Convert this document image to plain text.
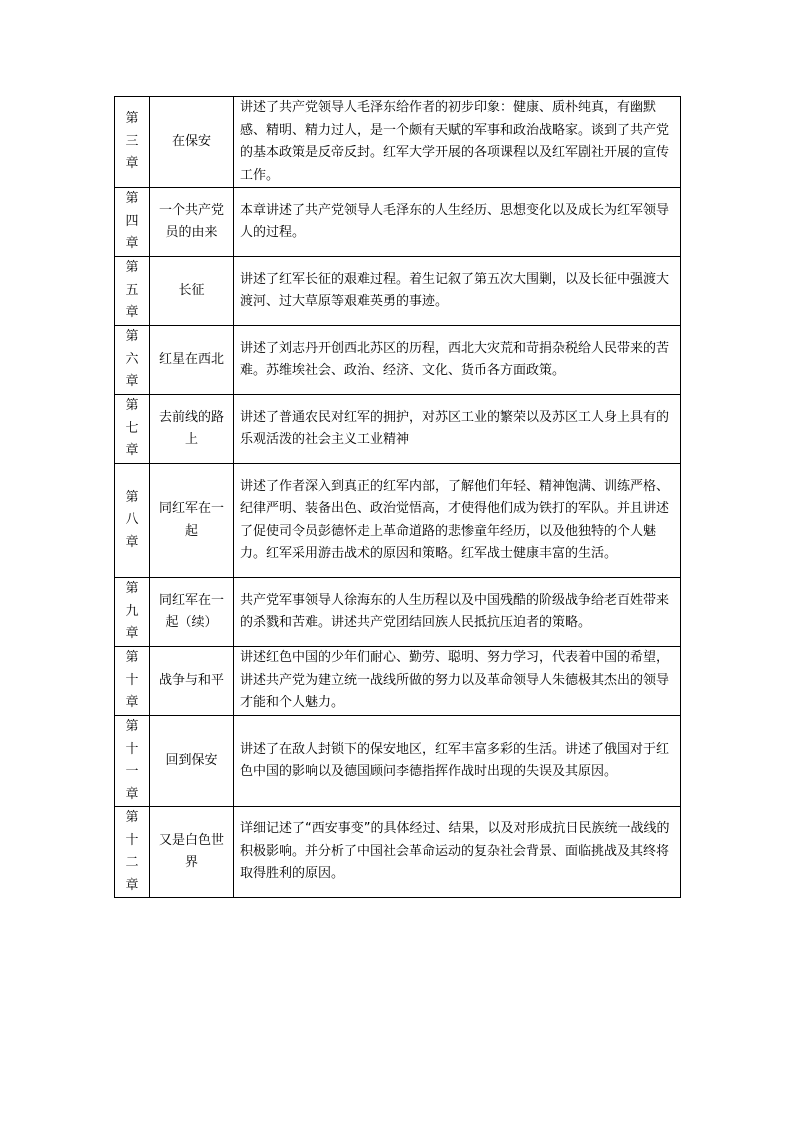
第
三
章	在保安	讲述了共产党领导人毛泽东给作者的初步印象：健康、质朴纯真，有幽默感、精明、精力过人，是一个颇有天赋的军事和政治战略家。谈到了共产党的基本政策是反帝反封。红军大学开展的各项课程以及红军剧社开展的宣传工作。

第
四
章	一个共产党员的由来	本章讲述了共产党领导人毛泽东的人生经历、思想变化以及成长为红军领导人的过程。

第
五
章	长征	讲述了红军长征的艰难过程。着生记叙了第五次大围剿，以及长征中强渡大渡河、过大草原等艰难英勇的事迹。

第
六
章	红星在西北	讲述了刘志丹开创西北苏区的历程，西北大灾荒和苛捐杂税给人民带来的苦难。苏维埃社会、政治、经济、文化、货币各方面政策。

第
七
章	去前线的路上	讲述了普通农民对红军的拥护，对苏区工业的繁荣以及苏区工人身上具有的乐观活泼的社会主义工业精神

第
八
章	同红军在一起	讲述了作者深入到真正的红军内部，了解他们年轻、精神饱满、训练严格、纪律严明、装备出色、政治觉悟高，才使得他们成为铁打的军队。并且讲述了促使司令员彭德怀走上革命道路的悲惨童年经历，以及他独特的个人魅力。红军采用游击战术的原因和策略。红军战士健康丰富的生活。

第
九
章	同红军在一起（续）	共产党军事领导人徐海东的人生历程以及中国残酷的阶级战争给老百姓带来的杀戮和苦难。讲述共产党团结回族人民抵抗压迫者的策略。

第
十
章	战争与和平	讲述红色中国的少年们耐心、勤劳、聪明、努力学习，代表着中国的希望，讲述共产党为建立统一战线所做的努力以及革命领导人朱德极其杰出的领导才能和个人魅力。

第
十
一
章	回到保安	讲述了在敌人封锁下的保安地区，红军丰富多彩的生活。讲述了俄国对于红色中国的影响以及德国顾问李德指挥作战时出现的失误及其原因。

第
十
二
章	又是白色世界	详细记述了“西安事变”的具体经过、结果，以及对形成抗日民族统一战线的积极影响。并分析了中国社会革命运动的复杂社会背景、面临挑战及其终将取得胜利的原因。
